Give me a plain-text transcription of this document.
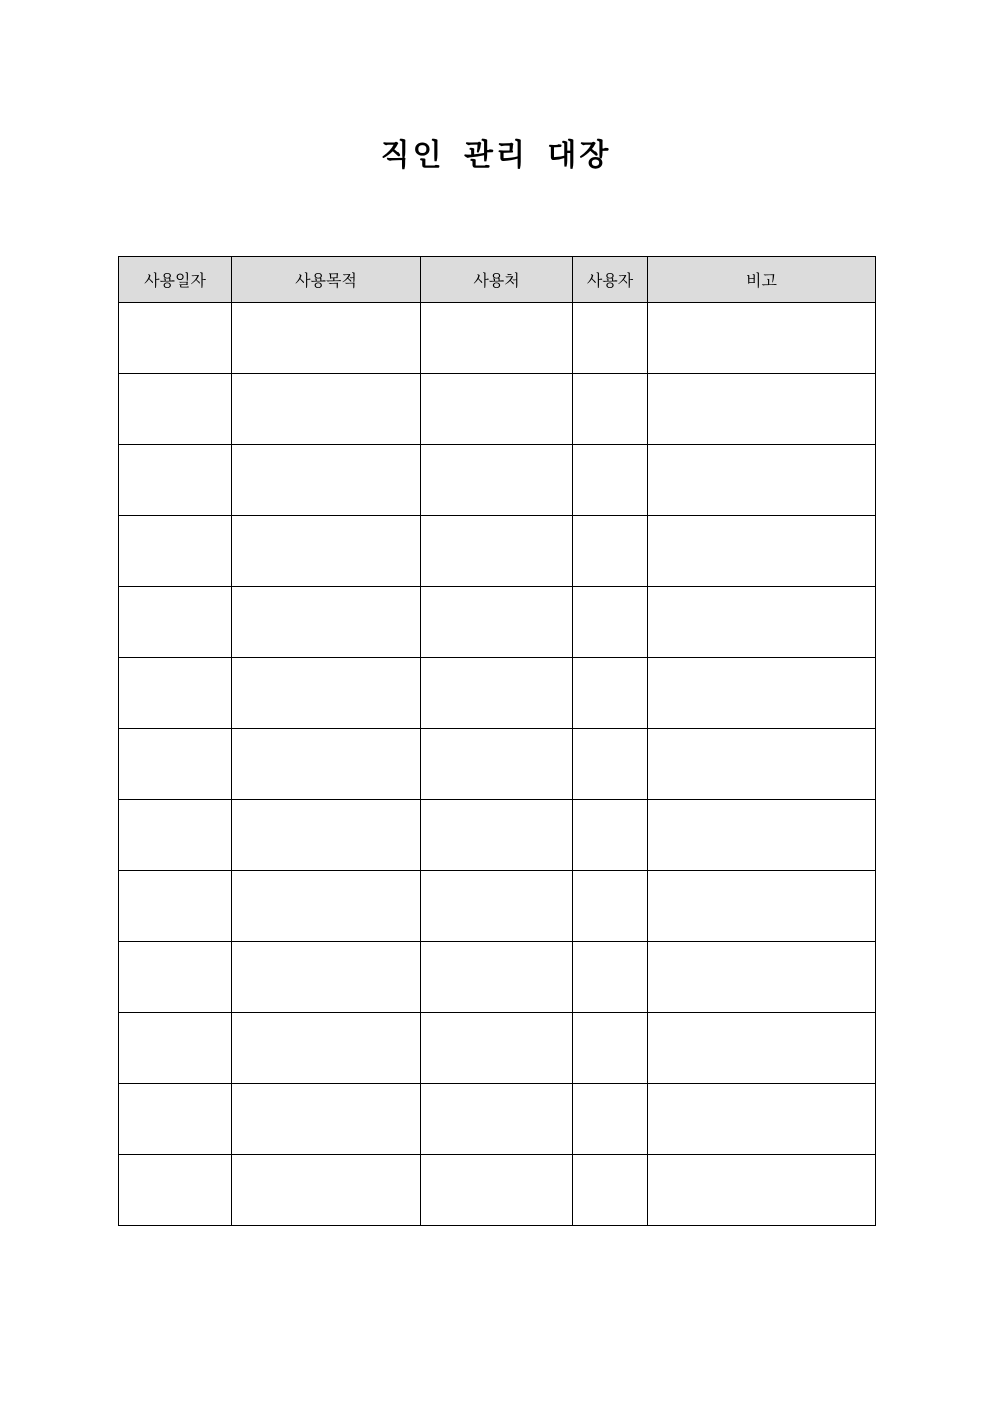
직인 관리 대장
사용일자	사용목적	사용처	사용자	비고
